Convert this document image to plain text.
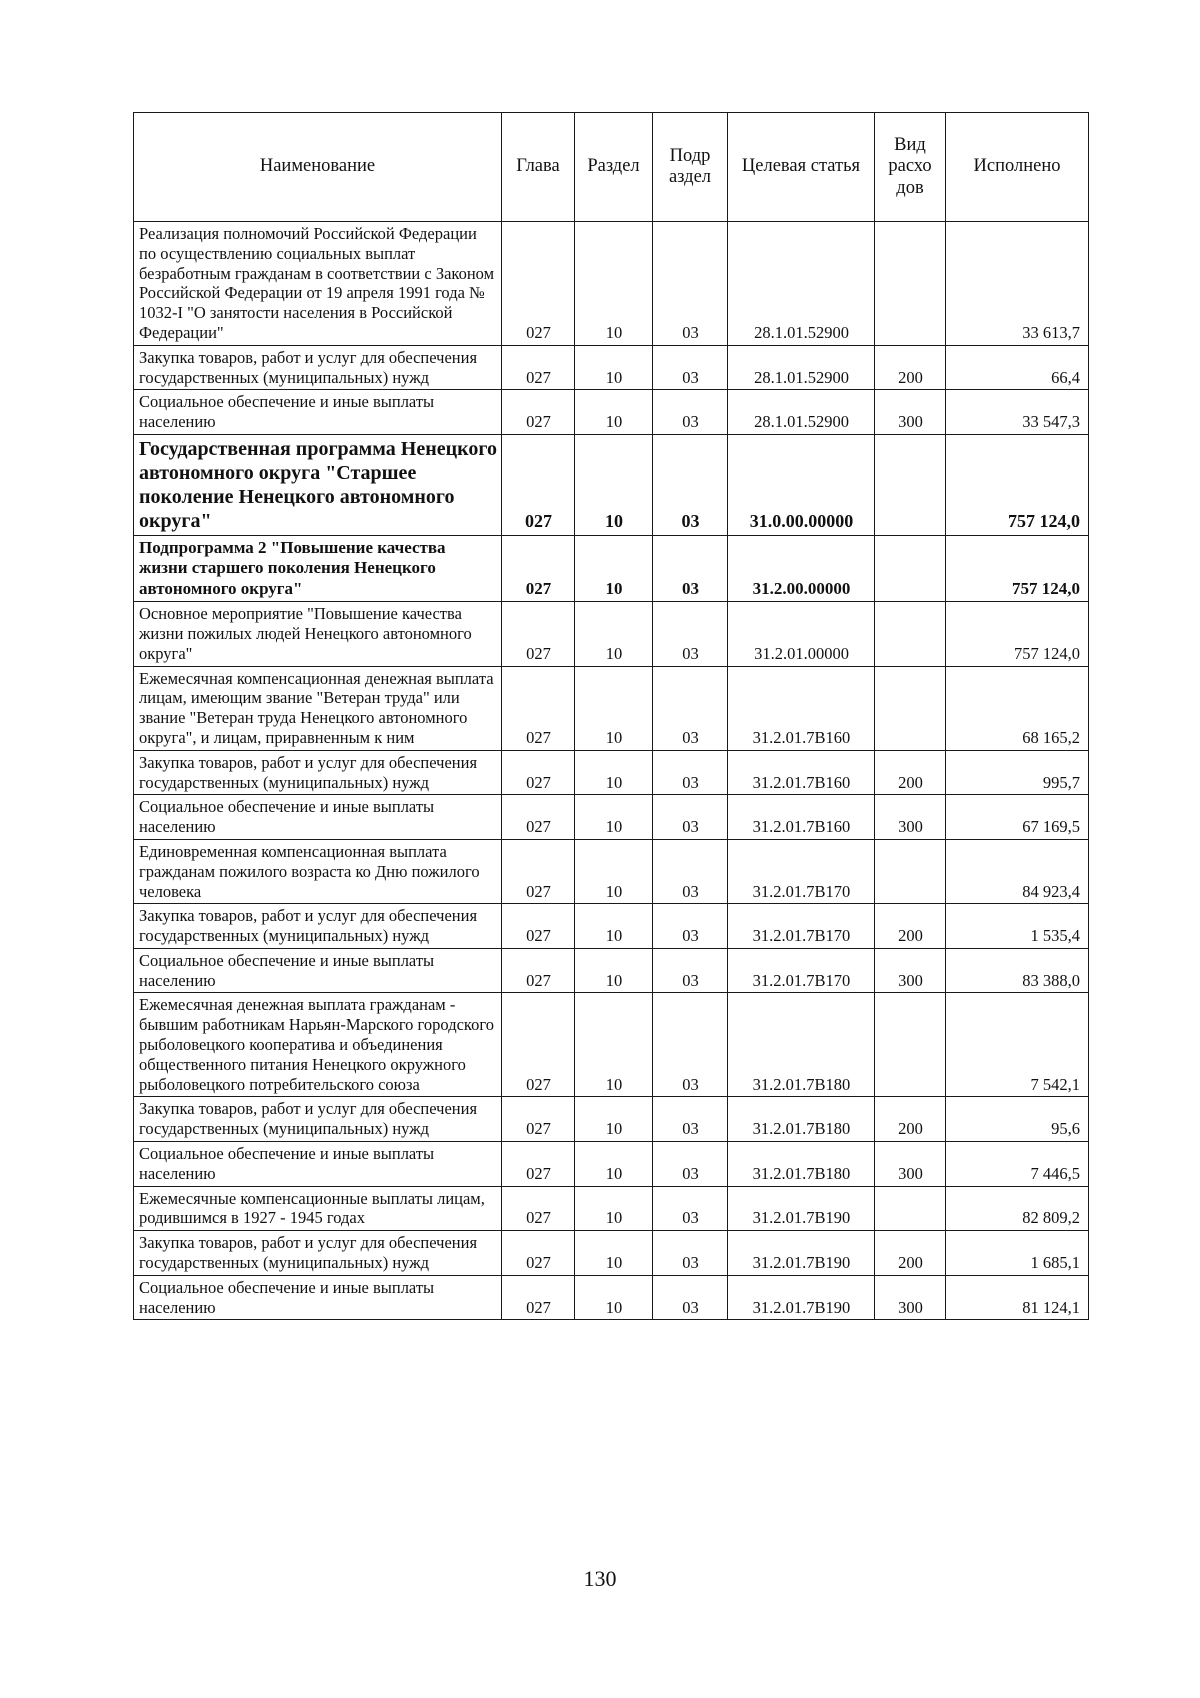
Наименование	Глава	Раздел	Подр аздел	Целевая статья	Вид расхо дов	Исполнено
Реализация полномочий Российской Федерации по осуществлению социальных выплат безработным гражданам в соответствии с Законом Российской Федерации от 19 апреля 1991 года № 1032-I "О занятости населения в Российской Федерации"	027	10	03	28.1.01.52900		33 613,7
Закупка товаров, работ и услуг для обеспечения государственных (муниципальных) нужд	027	10	03	28.1.01.52900	200	66,4
Социальное обеспечение и иные выплаты населению	027	10	03	28.1.01.52900	300	33 547,3
Государственная программа Ненецкого автономного округа "Старшее поколение Ненецкого автономного округа"	027	10	03	31.0.00.00000		757 124,0
Подпрограмма 2 "Повышение качества жизни старшего поколения Ненецкого автономного округа"	027	10	03	31.2.00.00000		757 124,0
Основное мероприятие "Повышение качества жизни пожилых людей Ненецкого автономного округа"	027	10	03	31.2.01.00000		757 124,0
Ежемесячная компенсационная денежная выплата лицам, имеющим звание "Ветеран труда" или звание "Ветеран труда Ненецкого автономного округа", и лицам, приравненным к ним	027	10	03	31.2.01.7В160		68 165,2
Закупка товаров, работ и услуг для обеспечения государственных (муниципальных) нужд	027	10	03	31.2.01.7В160	200	995,7
Социальное обеспечение и иные выплаты населению	027	10	03	31.2.01.7В160	300	67 169,5
Единовременная компенсационная выплата гражданам пожилого возраста ко Дню пожилого человека	027	10	03	31.2.01.7В170		84 923,4
Закупка товаров, работ и услуг для обеспечения государственных (муниципальных) нужд	027	10	03	31.2.01.7В170	200	1 535,4
Социальное обеспечение и иные выплаты населению	027	10	03	31.2.01.7В170	300	83 388,0
Ежемесячная денежная выплата гражданам - бывшим работникам Нарьян-Марского городского рыболовецкого кооператива и объединения общественного питания Ненецкого окружного рыболовецкого потребительского союза	027	10	03	31.2.01.7В180		7 542,1
Закупка товаров, работ и услуг для обеспечения государственных (муниципальных) нужд	027	10	03	31.2.01.7В180	200	95,6
Социальное обеспечение и иные выплаты населению	027	10	03	31.2.01.7В180	300	7 446,5
Ежемесячные компенсационные выплаты лицам, родившимся в 1927 - 1945 годах	027	10	03	31.2.01.7В190		82 809,2
Закупка товаров, работ и услуг для обеспечения государственных (муниципальных) нужд	027	10	03	31.2.01.7В190	200	1 685,1
Социальное обеспечение и иные выплаты населению	027	10	03	31.2.01.7В190	300	81 124,1
130
